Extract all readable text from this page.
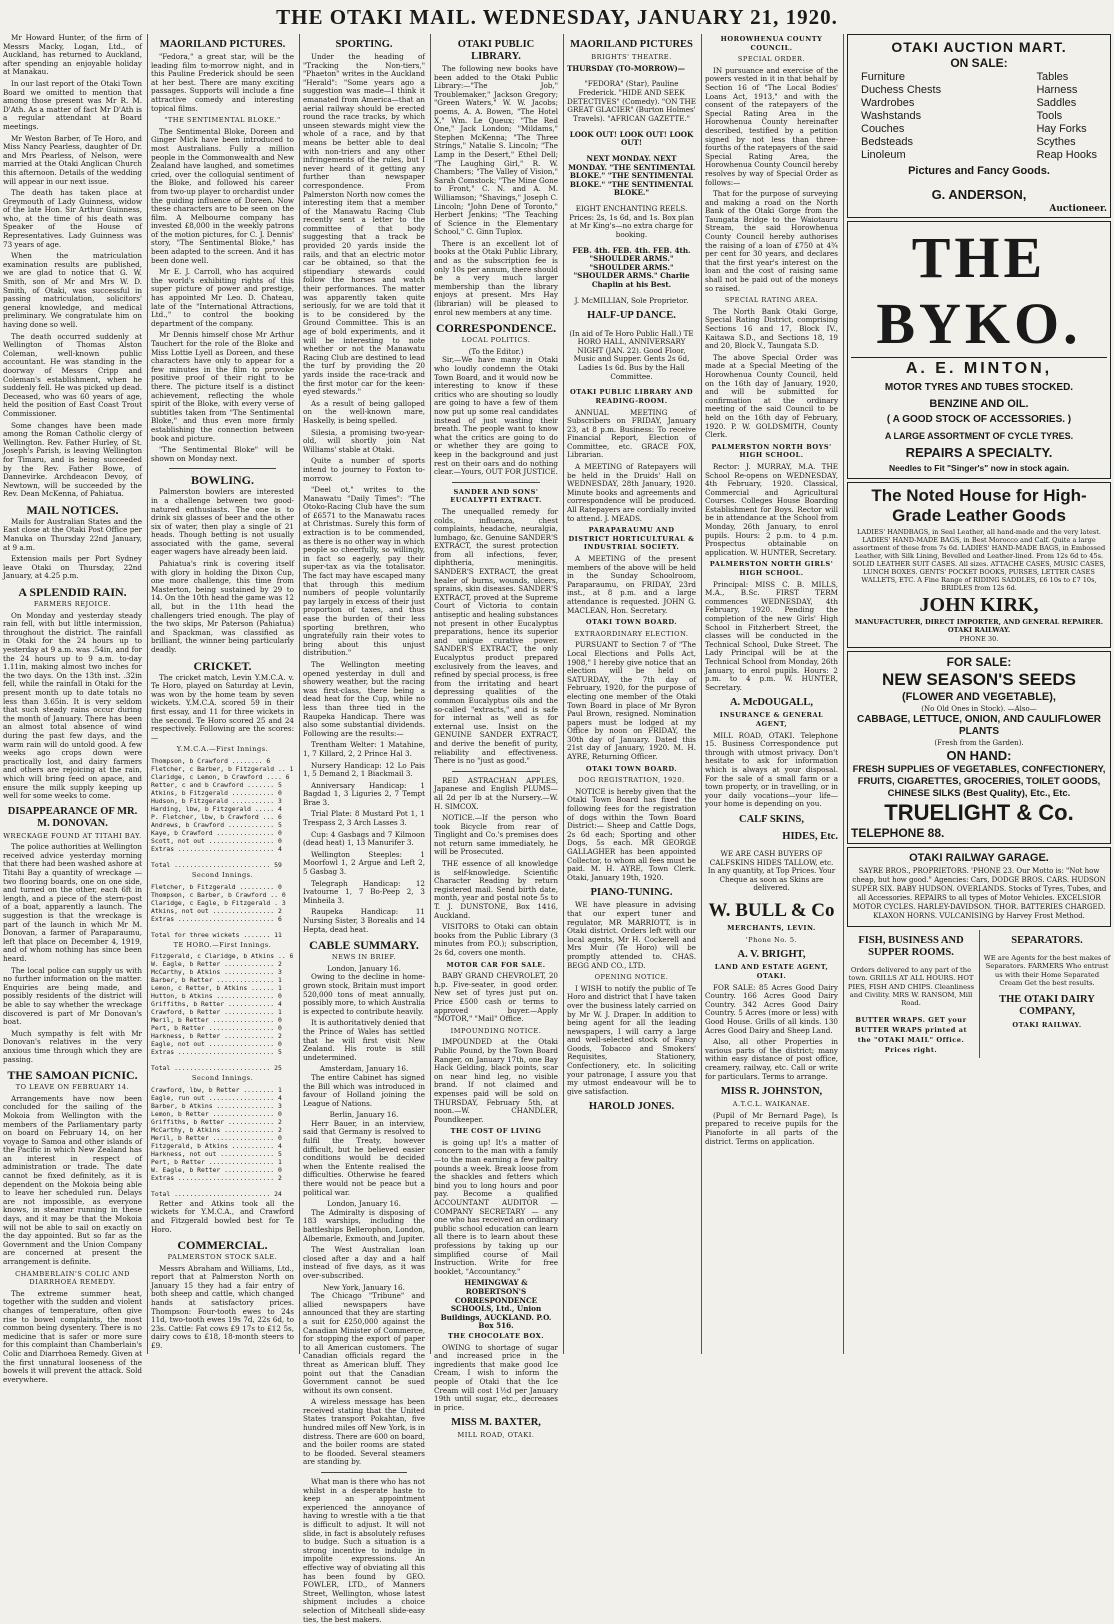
THE OTAKI MAIL. WEDNESDAY, JANUARY 21, 1920.

Mr Howard Hunter, of the firm of Messrs Macky, Logan, Ltd., of Auckland, has returned to Auckland, after spending an enjoyable holiday at Manakau.

In our last report of the Otaki Town Board we omitted to mention that among those present was Mr R. M. D'Ath. As a matter of fact Mr D'Ath is a regular attendant at Board meetings.

Mr Weston Barber, of Te Horo, and Miss Nancy Pearless, daughter of Dr. and Mrs Pearless, of Nelson, were married at the Otaki Anglican Church this afternoon. Details of the wedding will appear in our next issue.

The death has taken place at Greymouth of Lady Guinness, widow of the late Hon. Sir Arthur Guinness, who, at the time of his death was Speaker of the House of Representatives. Lady Guinness was 73 years of age.

When the matriculation examination results are published, we are glad to notice that G. W. Smith, son of Mr and Mrs W. D. Smith, of Otaki, was successful in passing matriculation, solicitors' general knowledge, and medical preliminary. We congratulate him on having done so well.

The death occurred suddenly at Wellington of Thomas Alston Coleman, well-known public accountant. He was standing in the doorway of Messrs Cripp and Coleman's establishment, when he suddenly fell. He was picked up dead. Deceased, who was 60 years of age, held the position of East Coast Trout Commissioner.

Some changes have been made among the Roman Catholic clergy of Wellington. Rev. Father Hurley, of St. Joseph's Parish, is leaving Wellington for Timaru, and is being succeeded by the Rev. Father Bowe, of Dannevirke. Archdeacon Devoy, of Newtown, will be succeeded by the Rev. Dean McKenna, of Pahiatua.

MAIL NOTICES.

Mails for Australian States and the East close at the Otaki Post Office per Manuka on Thursday 22nd January, at 9 a.m.

Extension mails per Port Sydney leave Otaki on Thursday, 22nd January, at 4.25 p.m.

A SPLENDID RAIN.
FARMERS REJOICE.

On Monday and yesterday steady rain fell, with but little intermission, throughout the district. The rainfall in Otaki for the 24 hours up to yesterday at 9 a.m. was .54in, and for the 24 hours up to 9 a.m. to-day 1.11in, making almost two inches for the two days. On the 13th inst. .32in fell, while the rainfall in Otaki for the present month up to date totals no less than 3.65in. It is very seldom that such steady rains occur during the month of January. There has been an almost total absence of wind during the past few days, and the warm rain will do untold good. A few weeks ago crops down were practically lost, and dairy farmers and others are rejoicing at the rain, which will bring feed on apace, and ensure the milk supply keeping up well for some weeks to come.

DISAPPEARANCE OF MR. M. DONOVAN.
WRECKAGE FOUND AT TITAHI BAY.

The police authorities at Wellington received advice yesterday morning that there had been washed ashore at Titahi Bay a quantity of wreckage — two flooring boards, one on one side, and turned on the other, each 6ft in length, and a piece of the stern-post of a boat, apparently a launch. The suggestion is that the wreckage is part of the launch in which Mr M. Donovan, a farmer of Paraparaumu, left that place on December 4, 1919, and of whom nothing has since been heard.

The local police can supply us with no further information on the matter. Enquiries are being made, and possibly residents of the district will be able to say whether the wreckage discovered is part of Mr Donovan's boat.

Much sympathy is felt with Mr Donovan's relatives in the very anxious time through which they are passing.

THE SAMOAN PICNIC.
TO LEAVE ON FEBRUARY 14.

Arrangements have now been concluded for the sailing of the Mokoia from Wellington with the members of the Parliamentary party on board on February 14, on her voyage to Samoa and other islands of the Pacific in which New Zealand has an interest in respect of administration or trade. The date cannot be fixed definitely, as it is dependent on the Mokoia being able to leave her scheduled run. Delays are not impossible, as everyone knows, in steamer running in these days, and it may be that the Mokoia will not be able to sail on exactly on the day appointed. But so far as the Government and the Union Company are concerned at present the arrangement is definite.

CHAMBERLAIN'S COLIC AND DIARRHOEA REMEDY.

The extreme summer heat, together with the sudden and violent changes of temperature, often give rise to bowel complaints, the most common being dysentery. There is no medicine that is safer or more sure for this complaint than Chamberlain's Colic and Diarrhoea Remedy. Given at the first unnatural looseness of the bowels it will prevent the attack. Sold everywhere.

MAORILAND PICTURES.

"Fedora," a great star, will be the leading film to-morrow night, and in this Pauline Frederick should be seen at her best. There are many exciting passages. Supports will include a fine attractive comedy and interesting topical films.

"THE SENTIMENTAL BLOKE."

The Sentimental Bloke, Doreen and Ginger Mick have been introduced to most Australians. Fully a million people in the Commonwealth and New Zealand have laughed, and sometimes cried, over the colloquial sentiment of the Bloke, and followed his career from two-up player to orchardist under the guiding influence of Doreen. Now these characters are to be seen on the film. A Melbourne company has invested £8,000 in the weekly patrons of the motion pictures, for C. J. Dennis' story, "The Sentimental Bloke," has been adapted to the screen. And it has been done well.

Mr E. J. Carroll, who has acquired the world's exhibiting rights of this super picture of power and prestige, has appointed Mr Leo. D. Chateau, late of the "International Attractions, Ltd.," to control the booking department of the company.

Mr Dennis himself chose Mr Arthur Tauchert for the role of the Bloke and Miss Lottie Lyell as Doreen, and these characters have only to appear for a few minutes in the film to provoke positive proof of their right to be there. The picture itself is a distinct achievement, reflecting the whole spirit of the Bloke, with every verse of subtitles taken from "The Sentimental Bloke," and thus even more firmly establishing the connection between book and picture.

"The Sentimental Bloke" will be shown on Monday next.

BOWLING.

Palmerston bowlers are interested in a challenge between two good-natured enthusiasts. The one is to drink six glasses of beer and the other six of water, then play a single of 21 heads. Though betting is not usually associated with the game, several eager wagers have already been laid.

Pahiatua's rink is covering itself with glory in holding the Dixon Cup, one more challenge, this time from Masterton, being sustained by 29 to 14. On the 10th head the game was 12 all, but in the 11th head the challengers tried enough. The play of the two skips, Mr Paterson (Pahiatua) and Spackman, was classified as brilliant, the winner being particularly deadly.

CRICKET.

The cricket match, Levin Y.M.C.A. v. Te Horo, played on Saturday at Levin, was won by the home team by seven wickets. Y.M.C.A. scored 59 in their first essay, and 11 for three wickets in the second. Te Horo scored 25 and 24 respectively. Following are the scores:—

Y.M.C.A.—First Innings.
Thompson, b Crawford ........ 6
Fletcher, c Barber, b Fitzgerald .. 1
Claridge, c Lemon, b Crawford .... 6
Retter, c and b Crawford ....... 5
Atkins, b Fitzgerald ........... 0
Hudson, b Fitzgerald ........... 3
Harding, lbw, b Fitzgerald ..... 4
P. Fletcher, lbw, b Crawford ... 6
Andrews, b Crawford ............ 5
Kaye, b Crawford ............... 0
Scott, not out ................. 0
Extras ......................... 4

Total ......................... 59
Second Innings.
Fletcher, b Fitzgerald ......... 0
Thompson, c Barber, b Crawford .. 0
Claridge, c Eagle, b Fitzgerald . 3
Atkins, not out ................ 2
Extras ......................... 6

Total for three wickets ....... 11
TE HORO.—First Innings.
Fitzgerald, c Claridge, b Atkins .. 6
W. Eagle, b Retter ............. 2
McCarthy, b Atkins ............. 3
Barber, b Retter ............... 1
Lemon, c Retter, b Atkins ...... 1
Hutton, b Atkins ............... 0
Griffiths, b Retter ............ 4
Crawford, b Retter ............. 1
Meril, b Retter ................ 0
Pert, b Retter ................. 0
Harkness, b Retter ............. 2
Eagle, not out ................. 0
Extras ......................... 5

Total ......................... 25
Second Innings.
Crawford, lbw, b Retter ........ 1
Eagle, run out ................. 4
Barber, b Atkins ............... 3
Lemon, b Retter ................ 0
Griffiths, b Retter ............ 2
McCarthy, b Atkins ............. 2
Meril, b Retter ................ 0
Fitzgerald, b Atkins ........... 4
Harkness, not out .............. 5
Pert, b Retter ................. 1
W. Eagle, b Retter ............. 0
Extras ......................... 2

Total ......................... 24

Retter and Atkins took all the wickets for Y.M.C.A., and Crawford and Fitzgerald bowled best for Te Horo.

COMMERCIAL.
PALMERSTON STOCK SALE.

Messrs Abraham and Williams, Ltd., report that at Palmerston North on January 15 they had a fair entry of both sheep and cattle, which changed hands at satisfactory prices. Thompson: Four-tooth ewes to 24s 11d, two-tooth ewes 19s 7d, 22s 6d, to 23s. Cattle: Fat cows £9 17s to £12 5s, dairy cows to £18, 18-month steers to £9.

SPORTING.

Under the heading of "Tracking the Non-tiers," "Phaeton" writes in the Auckland "Herald": "Some years ago a suggestion was made—I think it emanated from America—that an aerial railway should be erected round the race tracks, by which unseen stewards might view the whole of a race, and by that means be better able to deal with non-triers and any other infringements of the rules, but I never heard of it getting any further than newspaper correspondence. From Palmerston North now comes the interesting item that a member of the Manawatu Racing Club recently sent a letter to the committee of that body suggesting that a track be provided 20 yards inside the rails, and that an electric motor car be obtained, so that the stipendiary stewards could follow the horses and watch their performances. The matter was apparently taken quite seriously, for we are told that it is to be considered by the Ground Committee. This is an age of bold experiments, and it will be interesting to note whether or not the Manawatu Racing Club are destined to lead the turf by providing the 20 yards inside the race-track and the first motor car for the keen-eyed stewards."

As a result of being galloped on the well-known mare, Haskelly, is being spelled.

Silesia, a promising two-year-old, will shortly join Nat Williams' stable at Otaki.

Quite a number of sports intend to journey to Foxton to-morrow.

"Deel ot," writes to the Manawatu "Daily Times": "The Otoko-Racing Club have the sum of £6571 to the Manawatu races at Christmas. Surely this form of extraction is to be commended, as there is no other way in which people so cheerfully, so willingly, in fact so eagerly, pay their super-tax as via the totalisator. The fact may have escaped many that through this medium numbers of people voluntarily pay largely in excess of their just proportion of taxes, and thus ease the burden of their less sporting brethren, who ungratefully rain their votes to bring about this unjust distribution."

The Wellington meeting opened yesterday in dull and showery weather, but the racing was first-class, there being a dead heat for the Cup, while no less than three tied in the Raupeka Handicap. There was also some substantial dividends. Following are the results:—

Trentham Welter: 1 Matahine, 1, 7 Killard, 2, 2 Prince Hal 3.

Nursery Handicap: 12 Lo Pais 1, 5 Demand 2, 1 Biackmail 3.

Anniversary Handicap: 1 Bagdad 1, 3 Liguries 2, 7 Tempt Brae 3.

Trial Plate: 8 Mustard Pot 1, 1 Trespass 2, 3 Arch Lasses 3.

Cup: 4 Gasbags and 7 Kilmoon (dead heat) 1, 13 Manurifer 3.

Wellington Steeples: 1 Moorfowl 1, 2 Argue and Left 2, 5 Gasbag 3.

Telegraph Handicap: 12 Ivatourne 1, 7 Bo-Peep 2, 3 Minheila 3.

Raupeka Handicap: 11 Nursing Sister, 3 Borealis and 14 Hepta, dead heat.

CABLE SUMMARY.
NEWS IN BRIEF.
London, January 16.

Owing to the decline in home-grown stock, Britain must import 520,000 tons of meat annually, possibly more, to which Australia is expected to contribute heavily.

It is authoritatively denied that the Prince of Wales has settled that he will first visit New Zealand. His route is still undetermined.

Amsterdam, January 16.

The entire Cabinet has signed the Bill which was introduced in favour of Holland joining the League of Nations.

Berlin, January 16.

Herr Bauer, in an interview, said that Germany is resolved to fulfil the Treaty, however difficult, but he believed easier conditions would be decided when the Entente realised the difficulties. Otherwise he feared there would not be peace but a political war.

London, January 16.

The Admiralty is disposing of 183 warships, including the battleships Bellerophon, London, Albemarle, Exmouth, and Jupiter.

The West Australian loan closed after a day and a half instead of five days, as it was over-subscribed.

New York, January 16.

The Chicago "Tribune" and allied newspapers have announced that they are starting a suit for £250,000 against the Canadian Minister of Commerce, for stopping the export of paper to all American customers. The Canadian officials regard the threat as American bluff. They point out that the Canadian Government cannot be sued without its own consent.

A wireless message has been received stating that the United States transport Pokahtan, five hundred miles off New York, is in distress. There are 600 on board, and the boiler rooms are stated to be flooded. Several steamers are standing by.

What man is there who has not whilst in a desperate haste to keep an appointment experienced the annoyance of having to wrestle with a tie that is difficult to adjust. It will not slide, in fact is absolutely refuses to budge. Such a situation is a strong incentive to indulge in impolite expressions. An effective way of obviating all this has been found by GEO. FOWLER, LTD., of Manners Street, Wellington, whose latest shipment includes a choice selection of Mitcheall slide-easy ties, the best makers.

OTAKI PUBLIC LIBRARY.

The following new books have been added to the Otaki Public Library:—"The Job," Troublemaker," Jackson Gregory; "Green Waters," W. W. Jacobs; poems, A. A. Bowen, "The Hotel X," Wm. Le Queux; "The Red One," Jack London; "Mildams," Stephen McKenna; "The Three Strings," Natalie S. Lincoln; "The Lamp in the Desert," Ethel Dell; "The Laughing Girl," R. W. Chambers; "The Valley of Vision," Sarah Comstock; "The Mine Gone to Front," C. N. and A. M. Williamson; "Shavings," Joseph C. Lincoln; "John Dene of Toronto," Herbert Jenkins; "The Teaching of Science in the Elementary School," C. Ginn Tuplox.

There is an excellent lot of books at the Otaki Public Library, and as the subscription fee is only 10s per annum, there should be a very much larger membership than the library enjoys at present. Mrs Hay (librarian) will be pleased to enrol new members at any time.

CORRESPONDENCE.
LOCAL POLITICS.
(To the Editor.)

Sir,—We have many in Otaki who loudly condemn the Otaki Town Board, and it would now be interesting to know if these critics who are shouting so loudly are going to have a few of them now put up some real candidates instead of just wasting their breath. The people want to know what the critics are going to do or whether they are going to keep in the background and just rest on their oars and do nothing clear.—Yours, OUT FOR JUSTICE.

SANDER AND SONS' EUCALYPTI EXTRACT.

The unequalled remedy for colds, influenza, chest complaints, headache, neuralgia, lumbago, &c. Genuine SANDER'S EXTRACT, the surest protection from all infections, fever, diphtheria, meningitis. SANDER'S EXTRACT, the great healer of burns, wounds, ulcers, sprains, skin diseases. SANDER'S EXTRACT, proved at the Supreme Court of Victoria to contain antiseptic and healing substances not present in other Eucalyptus preparations, hence its superior and unique curative power. SANDER'S EXTRACT, the only Eucalyptus product prepared exclusively from the leaves, and refined by special process, is free from the irritating and heart depressing qualities of the common Eucalyptus oils and the so-called "extracts," and is safe for internal as well as for external use. Insist on the GENUINE SANDER EXTRACT, and derive the benefit of purity, reliability and effectiveness. There is no "just as good."

RED ASTRACHAN APPLES, Japanese and English PLUMS—all 2d per lb at the Nursery.—W. H. SIMCOX.

NOTICE.—If the person who took Bicycle from rear of Tinglight and Co.'s premises does not return same immediately, he will be Prosecuted.

THE essence of all knowledge is self-knowledge. Scientific Character Reading by return registered mail. Send birth date, month, year and postal note 5s to T. J. DUNSTONE, Box 1416, Auckland.

VISITORS to Otaki can obtain books from the Public Library (3 minutes from P.O.); subscription, 2s 6d, covers one month.

MOTOR CAR FOR SALE.

BABY GRAND CHEVROLET, 20 h.p. Five-seater, in good order. New set of tyres just put on. Price £500 cash or terms to approved buyer.—Apply "MOTOR," "Mail" Office.

IMPOUNDING NOTICE.

IMPOUNDED at the Otaki Public Pound, by the Town Board Ranger, on January 17th, one Bay Hack Gelding, black points, scar on near hind leg, no visible brand. If not claimed and expenses paid will be sold on THURSDAY, February 5th, at noon.—W. CHANDLER, Poundkeeper.

THE COST OF LIVING

is going up! It's a matter of concern to the man with a family—to the man earning a few paltry pounds a week. Break loose from the shackles and fetters which bind you to long hours and poor pay. Become a qualified ACCOUNTANT AUDITOR — COMPANY SECRETARY — any one who has received an ordinary public school education can learn all there is to learn about these professions by taking up our simplified course of Mail Instruction. Write for free booklet, "Accountancy."

HEMINGWAY & ROBERTSON'S CORRESPONDENCE SCHOOLS, Ltd., Union Buildings, AUCKLAND. P.O. Box 516.
THE CHOCOLATE BOX.

OWING to shortage of sugar and increased price in the ingredients that make good Ice Cream, I wish to inform the people of Otaki that the Ice Cream will cost 1½d per January 19th until sugar, etc., decreases in price.

MISS M. BAXTER,
MILL ROAD, OTAKI.
MAORILAND PICTURES
BRIGHTS' THEATRE.
THURSDAY (TO-MORROW)—

"FEDORA" (Star), Pauline Frederick. "HIDE AND SEEK DETECTIVES" (Comedy). "ON THE GREAT GLACIER" (Burton Holmes' Travels). "AFRICAN GAZETTE."

LOOK OUT! LOOK OUT! LOOK OUT!

NEXT MONDAY. NEXT MONDAY. "THE SENTIMENTAL BLOKE." "THE SENTIMENTAL BLOKE." "THE SENTIMENTAL BLOKE."

EIGHT ENCHANTING REELS. Prices: 2s, 1s 6d, and 1s. Box plan at Mr King's—no extra charge for booking.

FEB. 4th. FEB. 4th. FEB. 4th. "SHOULDER ARMS." "SHOULDER ARMS." "SHOULDER ARMS." Charlie Chaplin at his Best.

J. McMILLIAN, Sole Proprietor.
HALF-UP DANCE.

(In aid of Te Horo Public Hall.) TE HORO HALL, ANNIVERSARY NIGHT (JAN. 22). Good Floor, Music and Supper. Gents 2s 6d, Ladies 1s 6d. Bus by the Hall Committee.

OTAKI PUBLIC LIBRARY AND READING-ROOM.

ANNUAL MEETING of Subscribers on FRIDAY, January 23, at 8 p.m. Business: To receive Financial Report, Election of Committee, etc. GRACE FOX, Librarian.

A MEETING of Ratepayers will be held in the Druids' Hall on WEDNESDAY, 28th January, 1920. Minute books and agreements and correspondence will be produced. All Ratepayers are cordially invited to attend. J. MEADS.

PARAPARAUMU AND DISTRICT HORTICULTURAL & INDUSTRIAL SOCIETY.

A MEETING of the present members of the above will be held in the Sunday Schoolroom, Paraparaumu, on FRIDAY, 23rd inst., at 8 p.m. and a large attendance is requested. JOHN G. MACLEAN, Hon. Secretary.

OTAKI TOWN BOARD.
EXTRAORDINARY ELECTION.

PURSUANT to Section 7 of "The Local Elections and Polls Act, 1908," I hereby give notice that an election will be held on SATURDAY, the 7th day of February, 1920, for the purpose of electing one member of the Otaki Town Board in place of Mr Byron Paul Brown, resigned. Nomination papers must be lodged at my Office by noon on FRIDAY, the 30th day of January. Dated this 21st day of January, 1920. M. H. AYRE, Returning Officer.

OTAKI TOWN BOARD.
DOG REGISTRATION, 1920.

NOTICE is hereby given that the Otaki Town Board has fixed the following fees for the registration of dogs within the Town Board District:— Sheep and Cattle Dogs, 2s 6d each; Sporting and other Dogs, 5s each. MR GEORGE GALLAGHER has been appointed Collector, to whom all fees must be paid. M. H. AYRE, Town Clerk. Otaki, January 19th, 1920.

PIANO-TUNING.

WE have pleasure in advising that our expert tuner and regulator, MR MARRIOTT, is in Otaki district. Orders left with our local agents, Mr H. Cockerell and Mrs Muir (Te Horo) will be promptly attended to. CHAS. BEGG AND CO., LTD.

OPENING NOTICE.

I WISH to notify the public of Te Horo and district that I have taken over the business lately carried on by Mr W. J. Draper. In addition to being agent for all the leading newspapers, I will carry a large and well-selected stock of Fancy Goods, Tobacco and Smokers' Requisites, Stationery, Confectionery, etc. In soliciting your patronage, I assure you that my utmost endeavour will be to give satisfaction.

HAROLD JONES.
HOROWHENUA COUNTY COUNCIL.
SPECIAL ORDER.

IN pursuance and exercise of the powers vested in it in that behalf by Section 16 of "The Local Bodies' Loans Act, 1913," and with the consent of the ratepayers of the Special Rating Area in the Horowhenua County hereinafter described, testified by a petition signed by not less than three-fourths of the ratepayers of the said Special Rating Area, the Horowhenua County Council hereby resolves by way of Special Order as follows:—

That for the purpose of surveying and making a road on the North Bank of the Otaki Gorge from the Taungata Bridge to the Waiotauru Stream, the said Horowhenua County Council hereby authorises the raising of a loan of £750 at 4¾ per cent for 30 years, and declares that the first year's interest on the loan and the cost of raising same shall not be paid out of the moneys so raised.

SPECIAL RATING AREA.

The North Bank Otaki Gorge, Special Rating District, comprising Sections 16 and 17, Block IV., Kaitawa S.D., and Sections 18, 19 and 20, Block V., Taungata S.D.

The above Special Order was made at a Special Meeting of the Horowhenua County Council, held on the 16th day of January, 1920, and will be submitted for confirmation at the ordinary meeting of the said Council to be held on the 16th day of February, 1920. P. W. GOLDSMITH, County Clerk.

PALMERSTON NORTH BOYS' HIGH SCHOOL.

Rector: J. MURRAY, M.A. THE School Re-opens on WEDNESDAY, 4th February, 1920. Classical, Commercial and Agricultural Courses. Colleges House Boarding Establishment for Boys. Rector will be in attendance at the School from Monday, 26th January, to enrol pupils. Hours: 2 p.m. to 4 p.m. Prospectus obtainable on application. W. HUNTER, Secretary.

PALMERSTON NORTH GIRLS' HIGH SCHOOL.

Principal: MISS C. B. MILLS, M.A., B.Sc. FIRST TERM commences WEDNESDAY, 4th February, 1920. Pending the completion of the new Girls' High School in Fitzherbert Street, the classes will be conducted in the Technical School, Duke Street. The Lady Principal will be at the Technical School from Monday, 26th January, to enrol pupils. Hours: 2 p.m. to 4 p.m. W. HUNTER, Secretary.

A. McDOUGALL,
INSURANCE & GENERAL AGENT,

MILL ROAD, OTAKI. Telephone 15. Business Correspondence put through with utmost privacy. Don't hesitate to ask for information which is always at your disposal. For the sale of a small farm or a town property, or in travelling, or in your daily vocations—your life—your home is depending on you.

CALF SKINS,
HIDES, Etc.

WE ARE CASH BUYERS OF CALFSKINS HIDES TALLOW, etc. In any quantity, at Top Prices. Your Cheque as soon as Skins are delivered.

W. BULL & Co
MERCHANTS, LEVIN.
'Phone No. 5.
A. V. BRIGHT,
LAND AND ESTATE AGENT, OTAKI.

FOR SALE: 85 Acres Good Dairy Country. 166 Acres Good Dairy Country. 342 Acres Good Dairy Country. 5 Acres (more or less) with Good House. Grills of all kinds. 130 Acres Good Dairy and Sheep Land.

Also, all other Properties in various parts of the district; many within easy distance of post office, creamery, railway, etc. Call or write for particulars. Terms to arrange.

MISS R. JOHNSTON,
A.T.C.L. WAIKANAE.

(Pupil of Mr Bernard Page), Is prepared to receive pupils for the Pianoforte in all parts of the district. Terms on application.

OTAKI AUCTION MART.
ON SALE:
Furniture
Duchess Chests
Wardrobes
Washstands
Couches
Bedsteads
Linoleum
Tables
Harness
Saddles
Tools
Hay Forks
Scythes
Reap Hooks
Pictures and Fancy Goods.
G. ANDERSON,
Auctioneer.
THE BYKO.
A. E. MINTON,
MOTOR TYRES AND TUBES STOCKED.
BENZINE AND OIL.
( A GOOD STOCK OF ACCESSORIES. )
A LARGE ASSORTMENT OF CYCLE TYRES.
REPAIRS A SPECIALTY.
Needles to Fit "Singer's" now in stock again.
The Noted House for High-Grade Leather Goods

LADIES' HANDBAGS, in Seal Leather, all hand-made and the very latest. LADIES' HAND-MADE BAGS, in Best Morocco and Calf. Quite a large assortment of these from 7s 6d. LADIES' HAND-MADE BAGS, in Embossed Leather, with Silk Lining, Bevelled and Leather-lined. From 12s 6d to 45s. SOLID LEATHER SUIT CASES. All sizes. ATTACHE CASES, MUSIC CASES, LUNCH BOXES. GENTS' POCKET BOOKS, PURSES, LETTER CASES WALLETS, ETC. A Fine Range of RIDING SADDLES, £6 10s to £7 10s, BRIDLES from 12s 6d.

JOHN KIRK,
MANUFACTURER, DIRECT IMPORTER, AND GENERAL REPAIRER. OTAKI RAILWAY.
PHONE 30.
FOR SALE:
NEW SEASON'S SEEDS
(FLOWER AND VEGETABLE),
(No Old Ones in Stock). —Also—
CABBAGE, LETTUCE, ONION, AND CAULIFLOWER PLANTS
(Fresh from the Garden).
ON HAND:
FRESH SUPPLIES OF VEGETABLES, CONFECTIONERY, FRUITS, CIGARETTES, GROCERIES, TOILET GOODS, CHINESE SILKS (Best Quality), Etc., Etc.
TRUELIGHT & Co.
TELEPHONE 88.
OTAKI RAILWAY GARAGE.

SAYRE BROS., PROPRIETORS. 'PHONE 23. Our Motto is: "Not how cheap, but how good." Agencies: Cars, DODGE BROS. CARS. HUDSON SUPER SIX. BABY HUDSON. OVERLANDS. Stocks of Tyres, Tubes, and all Accessories. REPAIRS to all types of Motor Vehicles. EXCELSIOR MOTOR CYCLES. HARLEY-DAVIDSON. THOR. BATTERIES CHARGED. KLAXON HORNS. VULCANISING by Harvey Frost Method.

FISH, BUSINESS AND SUPPER ROOMS.

Orders delivered to any part of the town. GRILLS AT ALL HOURS. HOT PIES, FISH AND CHIPS. Cleanliness and Civility. MRS W. RANSOM, Mill Road.

BUTTER WRAPS. GET your BUTTER WRAPS printed at the "OTAKI MAIL" Office. Prices right.
SEPARATORS.

WE are Agents for the best makes of Separators. FARMERS Who entrust us with their Home Separated Cream Get the best results.

THE OTAKI DAIRY COMPANY,
OTAKI RAILWAY.
